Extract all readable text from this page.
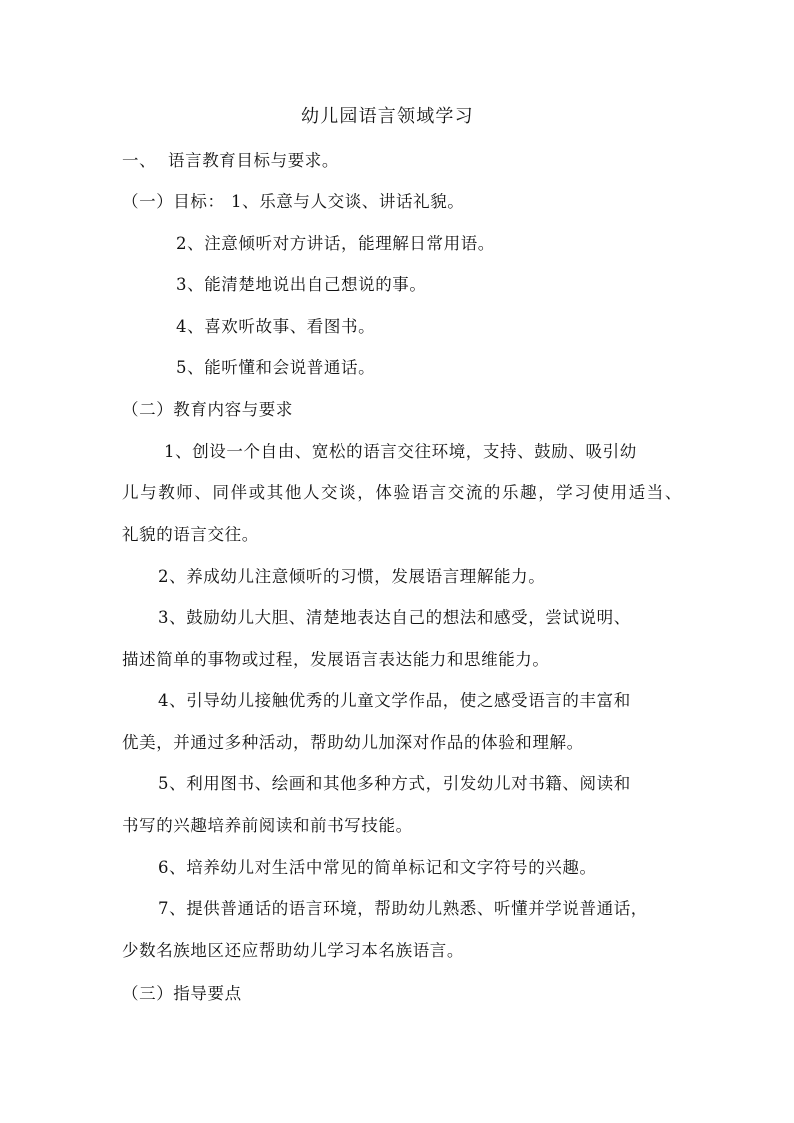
幼儿园语言领域学习
一、 语言教育目标与要求。
（一）目标： 1、乐意与人交谈、讲话礼貌。
2、注意倾听对方讲话，能理解日常用语。
3、能清楚地说出自己想说的事。
4、喜欢听故事、看图书。
5、能听懂和会说普通话。
（二）教育内容与要求
1、创设一个自由、宽松的语言交往环境，支持、鼓励、吸引幼
儿与教师、同伴或其他人交谈，体验语言交流的乐趣，学习使用适当、
礼貌的语言交往。
2、养成幼儿注意倾听的习惯，发展语言理解能力。
3、鼓励幼儿大胆、清楚地表达自己的想法和感受，尝试说明、
描述简单的事物或过程，发展语言表达能力和思维能力。
4、引导幼儿接触优秀的儿童文学作品，使之感受语言的丰富和
优美，并通过多种活动，帮助幼儿加深对作品的体验和理解。
5、利用图书、绘画和其他多种方式，引发幼儿对书籍、阅读和
书写的兴趣培养前阅读和前书写技能。
6、培养幼儿对生活中常见的简单标记和文字符号的兴趣。
7、提供普通话的语言环境，帮助幼儿熟悉、听懂并学说普通话，
少数名族地区还应帮助幼儿学习本名族语言。
（三）指导要点
